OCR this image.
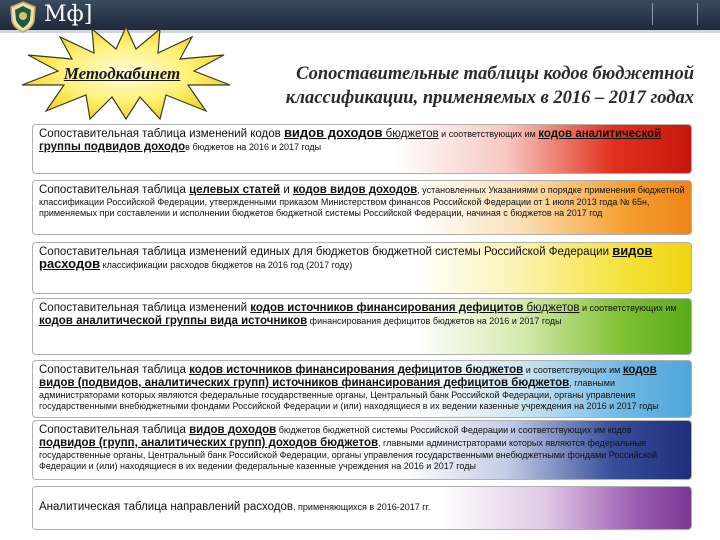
Мф]
Методкабинет	Сопоставительные таблицы кодов бюджетной
классификации, применяемых в 2016 – 2017 годах
Сопоставительная таблица изменений кодов видов доходов бюджетов и соответствующих им кодов аналитической группы подвидов доходов бюджетов на 2016 и 2017 годы
Сопоставительная таблица целевых статей и кодов видов доходов, установленных Указаниями о порядке применения бюджетной классификации Российской Федерации, утвержденными приказом Министерством финансов Российской Федерации от 1 июля 2013 года № 65н, применяемых при составлении и исполнении бюджетов бюджетной системы Российской Федерации, начиная с бюджетов на 2017 год
Сопоставительная таблица изменений единых для бюджетов бюджетной системы Российской Федерации видов расходов классификации расходов бюджетов на 2016 год (2017 году)
Сопоставительная таблица изменений кодов источников финансирования дефицитов бюджетов и соответствующих им кодов аналитической группы вида источников финансирования дефицитов бюджетов на 2016 и 2017 годы
Сопоставительная таблица кодов источников финансирования дефицитов бюджетов и соответствующих им кодов видов (подвидов, аналитических групп) источников финансирования дефицитов бюджетов, главными администраторами которых являются федеральные государственные органы, Центральный банк Российской Федерации, органы управления государственными внебюджетными фондами Российской Федерации и (или) находящиеся в их ведении казенные учреждения на 2016 и 2017 годы
Сопоставительная таблица видов доходов бюджетов бюджетной системы Российской Федерации и соответствующих им кодов подвидов (групп, аналитических групп) доходов бюджетов, главными администраторами которых являются федеральные государственные органы, Центральный банк Российской Федерации, органы управления государственными внебюджетными фондами Российской Федерации и (или) находящиеся в их ведении федеральные казенные учреждения на 2016 и 2017 годы
Аналитическая таблица направлений расходов, применяющихся в 2016-2017 гг.
